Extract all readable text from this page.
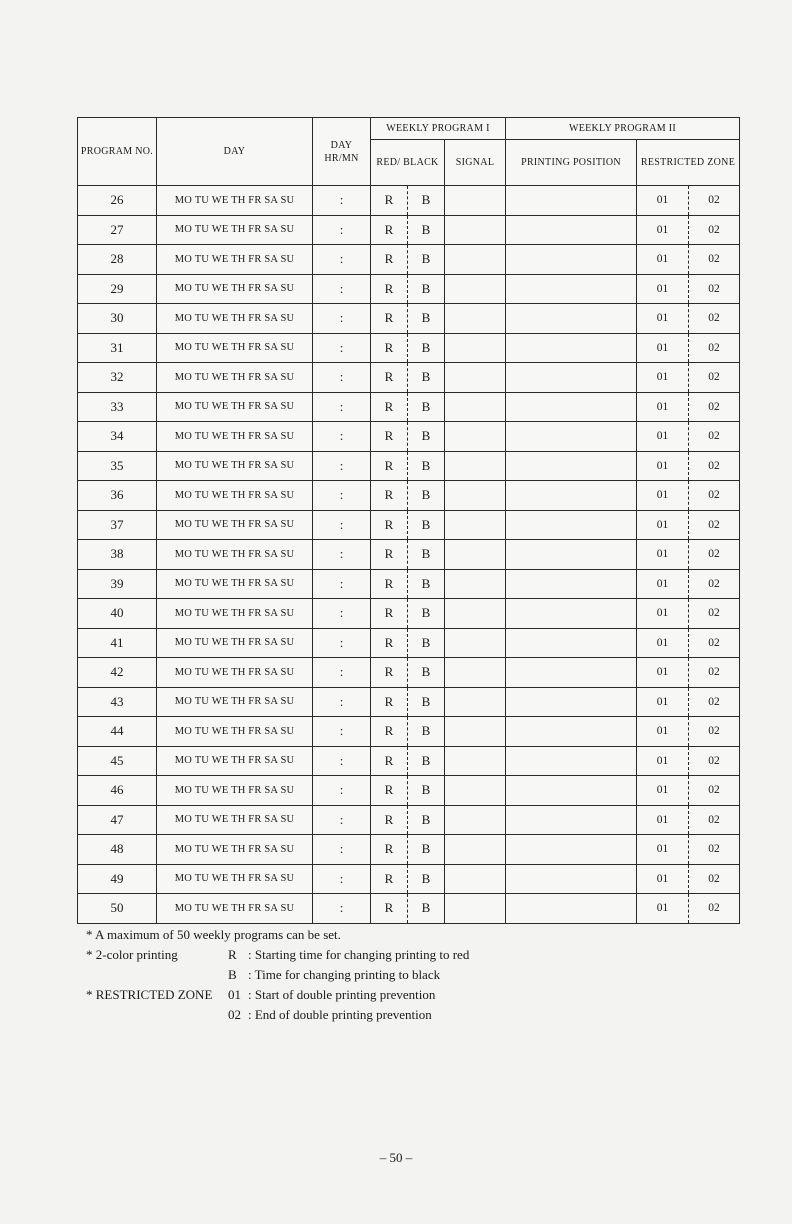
PROGRAM NO.	DAY	DAY HR/MN	WEEKLY PROGRAM I			WEEKLY PROGRAM II		
			RED/ BLACK		SIGNAL	PRINTING POSITION	RESTRICTED ZONE	
26	MO TU WE TH FR SA SU	:	R	B			01	02
27	MO TU WE TH FR SA SU	:	R	B			01	02
28	MO TU WE TH FR SA SU	:	R	B			01	02
29	MO TU WE TH FR SA SU	:	R	B			01	02
30	MO TU WE TH FR SA SU	:	R	B			01	02
31	MO TU WE TH FR SA SU	:	R	B			01	02
32	MO TU WE TH FR SA SU	:	R	B			01	02
33	MO TU WE TH FR SA SU	:	R	B			01	02
34	MO TU WE TH FR SA SU	:	R	B			01	02
35	MO TU WE TH FR SA SU	:	R	B			01	02
36	MO TU WE TH FR SA SU	:	R	B			01	02
37	MO TU WE TH FR SA SU	:	R	B			01	02
38	MO TU WE TH FR SA SU	:	R	B			01	02
39	MO TU WE TH FR SA SU	:	R	B			01	02
40	MO TU WE TH FR SA SU	:	R	B			01	02
41	MO TU WE TH FR SA SU	:	R	B			01	02
42	MO TU WE TH FR SA SU	:	R	B			01	02
43	MO TU WE TH FR SA SU	:	R	B			01	02
44	MO TU WE TH FR SA SU	:	R	B			01	02
45	MO TU WE TH FR SA SU	:	R	B			01	02
46	MO TU WE TH FR SA SU	:	R	B			01	02
47	MO TU WE TH FR SA SU	:	R	B			01	02
48	MO TU WE TH FR SA SU	:	R	B			01	02
49	MO TU WE TH FR SA SU	:	R	B			01	02
50	MO TU WE TH FR SA SU	:	R	B			01	02
* A maximum of 50 weekly programs can be set.
* 2-color printing	R : Starting time for changing printing to red
B : Time for changing printing to black
* RESTRICTED ZONE 01 : Start of double printing prevention
02 : End of double printing prevention
– 50 –
